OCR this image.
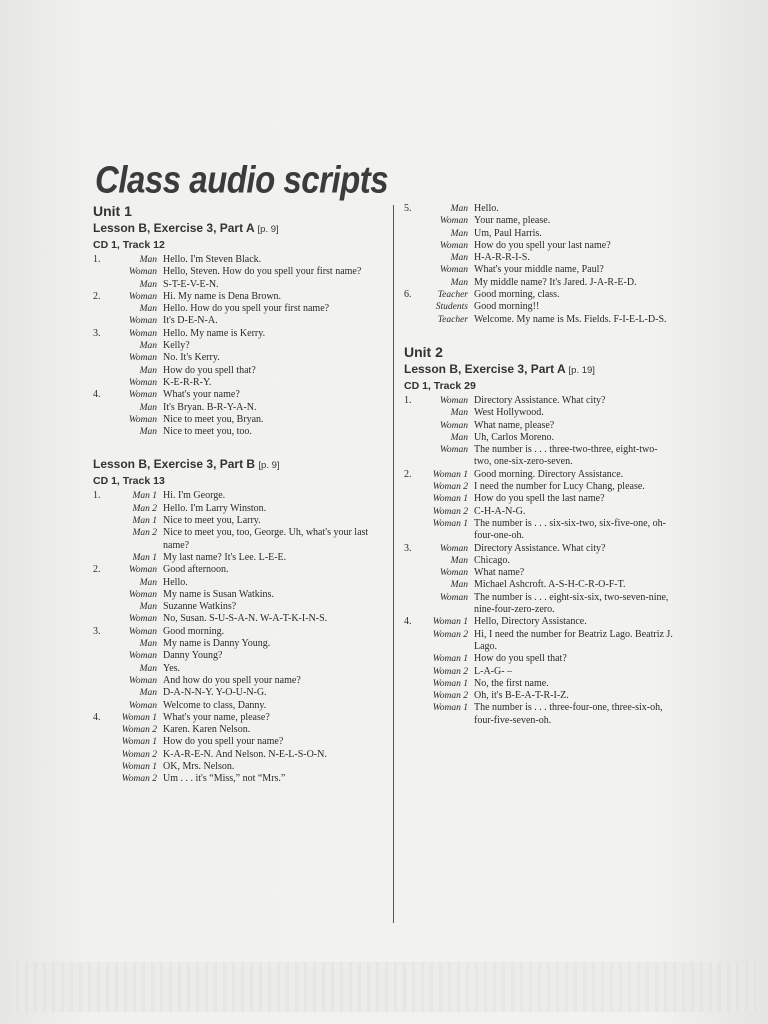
Class audio scripts
Unit 1
Lesson B, Exercise 3, Part A [p. 9]
CD 1, Track 12
1.	Man Hello. I'm Steven Black.
Woman Hello, Steven. How do you spell your first name?
Man S-T-E-V-E-N.
2.	Woman Hi. My name is Dena Brown.
Man Hello. How do you spell your first name?
Woman It's D-E-N-A.
3.	Woman Hello. My name is Kerry.
Man Kelly?
Woman No. It's Kerry.
Man How do you spell that?
Woman K-E-R-R-Y.
4.	Woman What's your name?
Man It's Bryan. B-R-Y-A-N.
Woman Nice to meet you, Bryan.
Man Nice to meet you, too.
Lesson B, Exercise 3, Part B [p. 9]
CD 1, Track 13
1.	Man 1 Hi. I'm George.
Man 2 Hello. I'm Larry Winston.
Man 1 Nice to meet you, Larry.
Man 2 Nice to meet you, too, George. Uh, what's your last name?
Man 1 My last name? It's Lee. L-E-E.
2.	Woman Good afternoon.
Man Hello.
Woman My name is Susan Watkins.
Man Suzanne Watkins?
Woman No, Susan. S-U-S-A-N. W-A-T-K-I-N-S.
3.	Woman Good morning.
Man My name is Danny Young.
Woman Danny Young?
Man Yes.
Woman And how do you spell your name?
Man D-A-N-N-Y. Y-O-U-N-G.
Woman Welcome to class, Danny.
4.	Woman 1 What's your name, please?
Woman 2 Karen. Karen Nelson.
Woman 1 How do you spell your name?
Woman 2 K-A-R-E-N. And Nelson. N-E-L-S-O-N.
Woman 1 OK, Mrs. Nelson.
Woman 2 Um . . . it's “Miss,” not “Mrs.”
5.	Man Hello.
Woman Your name, please.
Man Um, Paul Harris.
Woman How do you spell your last name?
Man H-A-R-R-I-S.
Woman What's your middle name, Paul?
Man My middle name? It's Jared. J-A-R-E-D.
6.	Teacher Good morning, class.
Students Good morning!!
Teacher Welcome. My name is Ms. Fields. F-I-E-L-D-S.
Unit 2
Lesson B, Exercise 3, Part A [p. 19]
CD 1, Track 29
1.	Woman Directory Assistance. What city?
Man West Hollywood.
Woman What name, please?
Man Uh, Carlos Moreno.
Woman The number is . . . three-two-three, eight-two-two, one-six-zero-seven.
2.	Woman 1 Good morning. Directory Assistance.
Woman 2 I need the number for Lucy Chang, please.
Woman 1 How do you spell the last name?
Woman 2 C-H-A-N-G.
Woman 1 The number is . . . six-six-two, six-five-one, oh-four-one-oh.
3.	Woman Directory Assistance. What city?
Man Chicago.
Woman What name?
Man Michael Ashcroft. A-S-H-C-R-O-F-T.
Woman The number is . . . eight-six-six, two-seven-nine, nine-four-zero-zero.
4.	Woman 1 Hello, Directory Assistance.
Woman 2 Hi, I need the number for Beatriz Lago. Beatriz J. Lago.
Woman 1 How do you spell that?
Woman 2 L-A-G- –
Woman 1 No, the first name.
Woman 2 Oh, it's B-E-A-T-R-I-Z.
Woman 1 The number is . . . three-four-one, three-six-oh, four-five-seven-oh.
